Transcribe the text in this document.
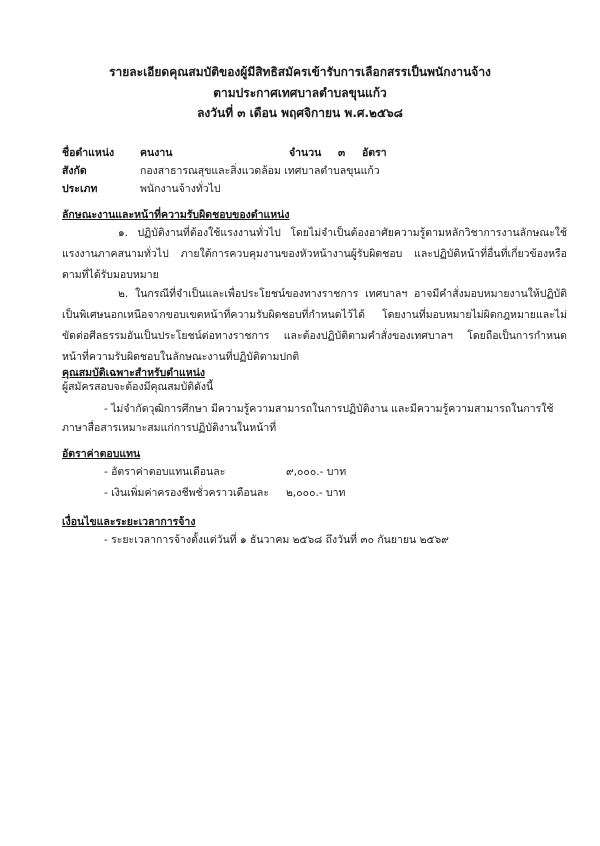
รายละเอียดคุณสมบัติของผู้มีสิทธิสมัครเข้ารับการเลือกสรรเป็นพนักงานจ้าง
ตามประกาศเทศบาลตำบลขุนแก้ว
ลงวันที่ ๓ เดือน พฤศจิกายน พ.ศ.๒๕๖๘
ชื่อตำแหน่ง คนงาน	จำนวน ๓ อัตรา
สังกัด	กองสาธารณสุขและสิ่งแวดล้อม เทศบาลตำบลขุนแก้ว
ประเภท	พนักงานจ้างทั่วไป
ลักษณะงานและหน้าที่ความรับผิดชอบของตำแหน่ง
๑. ปฏิบัติงานที่ต้องใช้แรงงานทั่วไป โดยไม่จำเป็นต้องอาศัยความรู้ตามหลักวิชาการงานลักษณะใช้แรงงานภาคสนามทั่วไป ภายใต้การควบคุมงานของหัวหน้างานผู้รับผิดชอบ และปฏิบัติหน้าที่อื่นที่เกี่ยวข้องหรือตามที่ได้รับมอบหมาย
๒. ในกรณีที่จำเป็นและเพื่อประโยชน์ของทางราชการ เทศบาลฯ อาจมีคำสั่งมอบหมายงานให้ปฏิบัติเป็นพิเศษนอกเหนือจากขอบเขตหน้าที่ความรับผิดชอบที่กำหนดไว้ได้ โดยงานที่มอบหมายไม่ผิดกฎหมายและไม่ขัดต่อศีลธรรมอันเป็นประโยชน์ต่อทางราชการ และต้องปฏิบัติตามคำสั่งของเทศบาลฯ โดยถือเป็นการกำหนดหน้าที่ความรับผิดชอบในลักษณะงานที่ปฏิบัติตามปกติ
คุณสมบัติเฉพาะสำหรับตำแหน่ง
ผู้สมัครสอบจะต้องมีคุณสมบัติดังนี้
- ไม่จำกัดวุฒิการศึกษา มีความรู้ความสามารถในการปฏิบัติงาน และมีความรู้ความสามารถในการใช้
ภาษาสื่อสารเหมาะสมแก่การปฏิบัติงานในหน้าที่
อัตราค่าตอบแทน
- อัตราค่าตอบแทนเดือนละ	๙,๐๐๐.- บาท
- เงินเพิ่มค่าครองชีพชั่วคราวเดือนละ ๒,๐๐๐.- บาท
เงื่อนไขและระยะเวลาการจ้าง
- ระยะเวลาการจ้างตั้งแต่วันที่ ๑ ธันวาคม ๒๕๖๘ ถึงวันที่ ๓๐ กันยายน ๒๕๖๙
